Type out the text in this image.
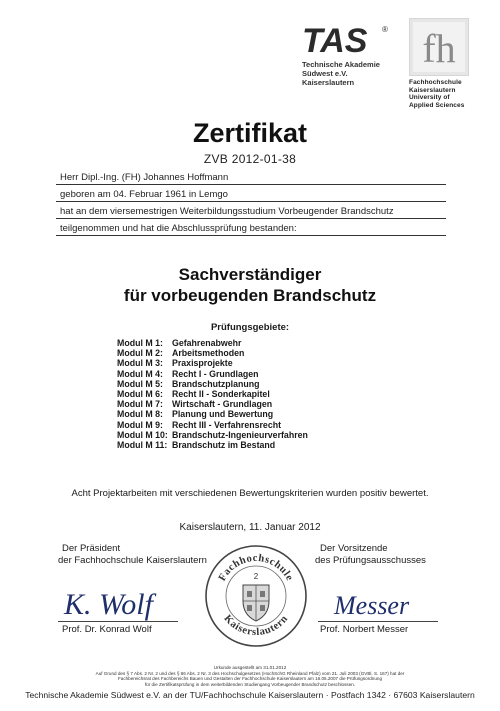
TAS ®
Technische Akademie
Südwest e.V.
Kaiserslautern
fh
Fachhochschule
Kaiserslautern
University of
Applied Sciences
Zertifikat
ZVB 2012-01-38
Herr Dipl.-Ing. (FH) Johannes Hoffmann
geboren am 04. Februar 1961 in Lemgo
hat an dem viersemestrigen Weiterbildungsstudium Vorbeugender Brandschutz
teilgenommen und hat die Abschlussprüfung bestanden:
Sachverständiger
für vorbeugenden Brandschutz
Prüfungsgebiete:
Modul M 1: Gefahrenabwehr
Modul M 2: Arbeitsmethoden
Modul M 3: Praxisprojekte
Modul M 4: Recht I - Grundlagen
Modul M 5: Brandschutzplanung
Modul M 6: Recht II - Sonderkapitel
Modul M 7: Wirtschaft - Grundlagen
Modul M 8: Planung und Bewertung
Modul M 9: Recht III - Verfahrensrecht
Modul M 10: Brandschutz-Ingenieurverfahren
Modul M 11: Brandschutz im Bestand
Acht Projektarbeiten mit verschiedenen Bewertungskriterien wurden positiv bewertet.
Kaiserslautern, 11. Januar 2012
Der Präsident
der Fachhochschule Kaiserslautern
K. Wolf
Prof. Dr. Konrad Wolf
Fachhochschule
Kaiserslautern
2
Der Vorsitzende
des Prüfungsausschusses
Messer
Prof. Norbert Messer
Urkunde ausgestellt am 31.01.2012
Auf Grund des § 7 Abs. 2 Nr. 2 und des § 86 Abs. 2 Nr. 3 des Hochschulgesetzes (HochSchG Rheinland Pfalz) vom 21. Juli 2003 (GVBl. S. 167) hat der
Fachbereichsrat des Fachbereichs Bauen und Gestalten der Fachhochschule Kaiserslautern am 16.05.2007 die Prüfungsordnung
für die Zertifikatsprüfung in dem weiterbildenden Studiengang Vorbeugender Brandschutz beschlossen.
Technische Akademie Südwest e.V. an der TU/Fachhochschule Kaiserslautern · Postfach 1342 · 67603 Kaiserslautern
